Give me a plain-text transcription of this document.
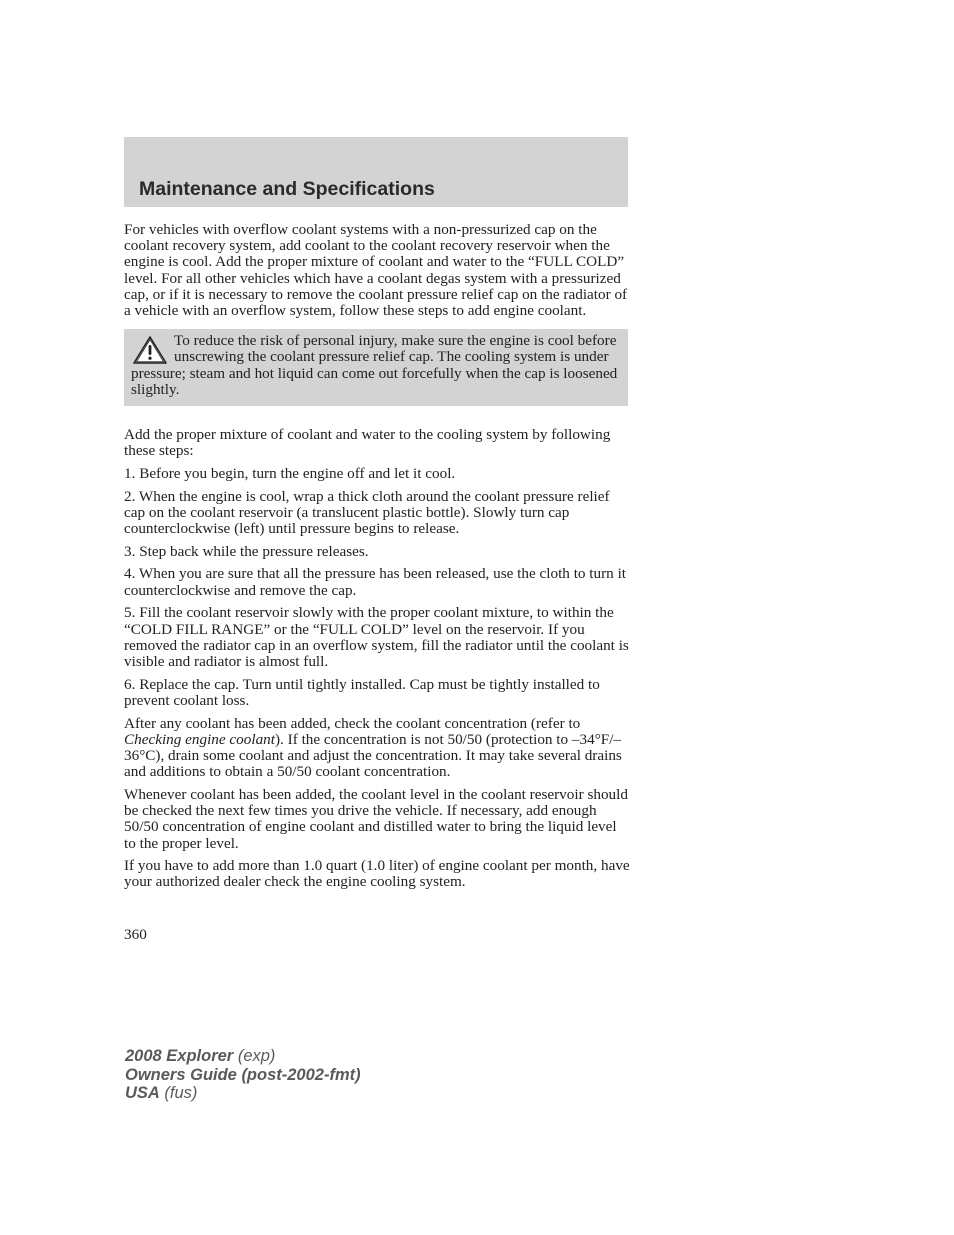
Maintenance and Specifications

For vehicles with overflow coolant systems with a non-pressurized cap on the coolant recovery system, add coolant to the coolant recovery reservoir when the engine is cool. Add the proper mixture of coolant and water to the “FULL COLD” level. For all other vehicles which have a coolant degas system with a pressurized cap, or if it is necessary to remove the coolant pressure relief cap on the radiator of a vehicle with an overflow system, follow these steps to add engine coolant.

To reduce the risk of personal injury, make sure the engine is cool before unscrewing the coolant pressure relief cap. The cooling system is under pressure; steam and hot liquid can come out forcefully when the cap is loosened slightly.

Add the proper mixture of coolant and water to the cooling system by following these steps:

1. Before you begin, turn the engine off and let it cool.

2. When the engine is cool, wrap a thick cloth around the coolant pressure relief cap on the coolant reservoir (a translucent plastic bottle). Slowly turn cap counterclockwise (left) until pressure begins to release.

3. Step back while the pressure releases.

4. When you are sure that all the pressure has been released, use the cloth to turn it counterclockwise and remove the cap.

5. Fill the coolant reservoir slowly with the proper coolant mixture, to within the “COLD FILL RANGE” or the “FULL COLD” level on the reservoir. If you removed the radiator cap in an overflow system, fill the radiator until the coolant is visible and radiator is almost full.

6. Replace the cap. Turn until tightly installed. Cap must be tightly installed to prevent coolant loss.

After any coolant has been added, check the coolant concentration (refer to Checking engine coolant). If the concentration is not 50/50 (protection to –34°F/–36°C), drain some coolant and adjust the concentration. It may take several drains and additions to obtain a 50/50 coolant concentration.

Whenever coolant has been added, the coolant level in the coolant reservoir should be checked the next few times you drive the vehicle. If necessary, add enough 50/50 concentration of engine coolant and distilled water to bring the liquid level to the proper level.

If you have to add more than 1.0 quart (1.0 liter) of engine coolant per month, have your authorized dealer check the engine cooling system.

360
2008 Explorer (exp)
Owners Guide (post-2002-fmt)
USA (fus)
